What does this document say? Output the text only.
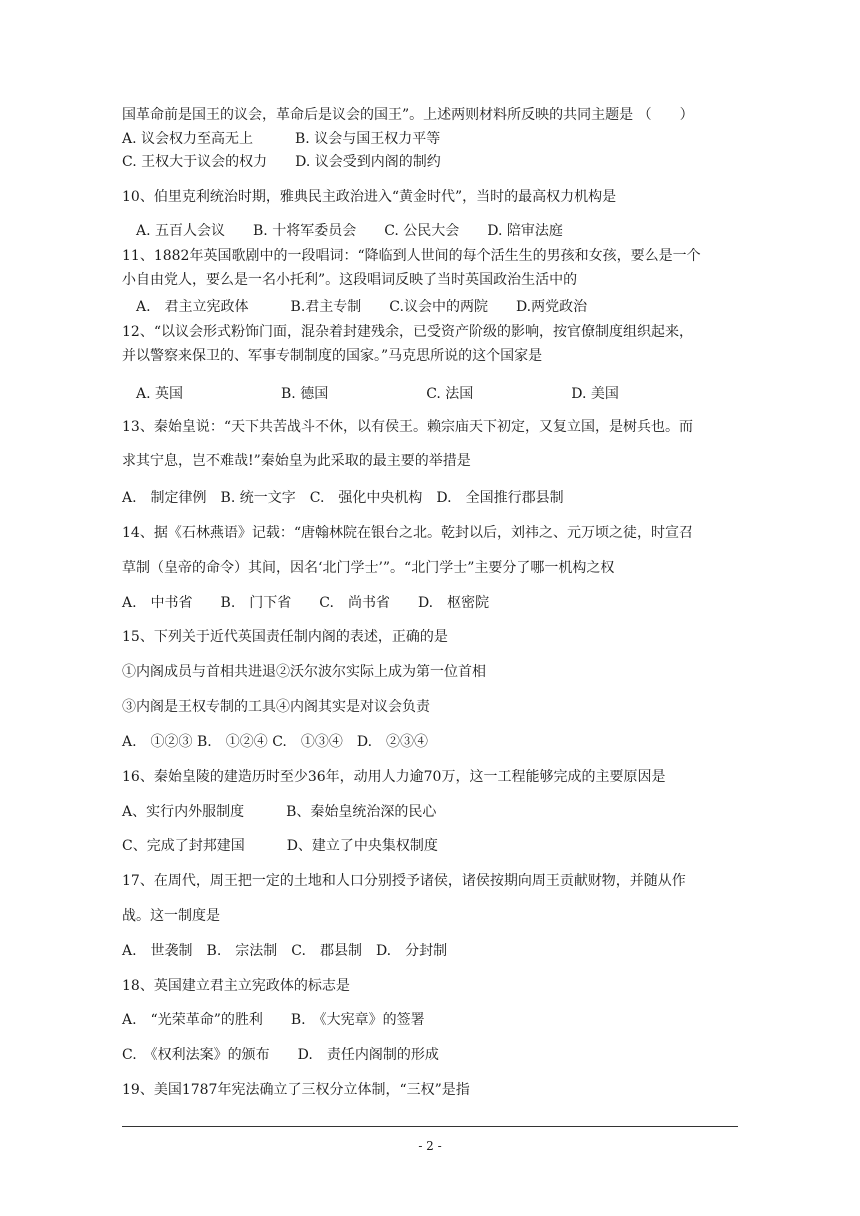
国革命前是国王的议会，革命后是议会的国王”。上述两则材料所反映的共同主题是 （　　）
A. 议会权力至高无上　　　B. 议会与国王权力平等
C. 王权大于议会的权力　　D. 议会受到内阁的制约
10、伯里克利统治时期，雅典民主政治进入“黄金时代”，当时的最高权力机构是
　A. 五百人会议　　B. 十将军委员会　　C. 公民大会　　D. 陪审法庭
11、1882年英国歌剧中的一段唱词：“降临到人世间的每个活生生的男孩和女孩，要么是一个
小自由党人，要么是一名小托利”。这段唱词反映了当时英国政治生活中的
　A.　君主立宪政体　　　B.君主专制　　C.议会中的两院　　D.两党政治
12、“以议会形式粉饰门面，混杂着封建残余，已受资产阶级的影响，按官僚制度组织起来，
并以警察来保卫的、军事专制制度的国家。”马克思所说的这个国家是
　A. 英国　　　　　　　B. 德国　　　　　　　C. 法国　　　　　　　D. 美国
13、秦始皇说：“天下共苦战斗不休，以有侯王。赖宗庙天下初定，又复立国，是树兵也。而
求其宁息，岂不难哉!”秦始皇为此采取的最主要的举措是
A.　制定律例　B. 统一文字　C.　强化中央机构　D.　全国推行郡县制
14、据《石林燕语》记载：“唐翰林院在银台之北。乾封以后，刘祎之、元万顷之徒，时宣召
草制（皇帝的命令）其间，因名‘北门学士’”。“北门学士”主要分了哪一机构之权
A.　中书省　　B.　门下省　　C.　尚书省　　D.　枢密院
15、下列关于近代英国责任制内阁的表述，正确的是
①内阁成员与首相共进退②沃尔波尔实际上成为第一位首相
③内阁是王权专制的工具④内阁其实是对议会负责
A.　①②③ B.　①②④ C.　①③④　D.　②③④
16、秦始皇陵的建造历时至少36年，动用人力逾70万，这一工程能够完成的主要原因是
A、实行内外服制度　　　B、秦始皇统治深的民心
C、完成了封邦建国　　　D、建立了中央集权制度
17、在周代，周王把一定的土地和人口分别授予诸侯，诸侯按期向周王贡献财物，并随从作
战。这一制度是
A.　世袭制　B.　宗法制　C.　郡县制　D.　分封制
18、英国建立君主立宪政体的标志是
A.　“光荣革命”的胜利　　B.　《大宪章》的签署
C.　《权利法案》的颁布　　D.　责任内阁制的形成
19、美国1787年宪法确立了三权分立体制，“三权”是指
- 2 -
